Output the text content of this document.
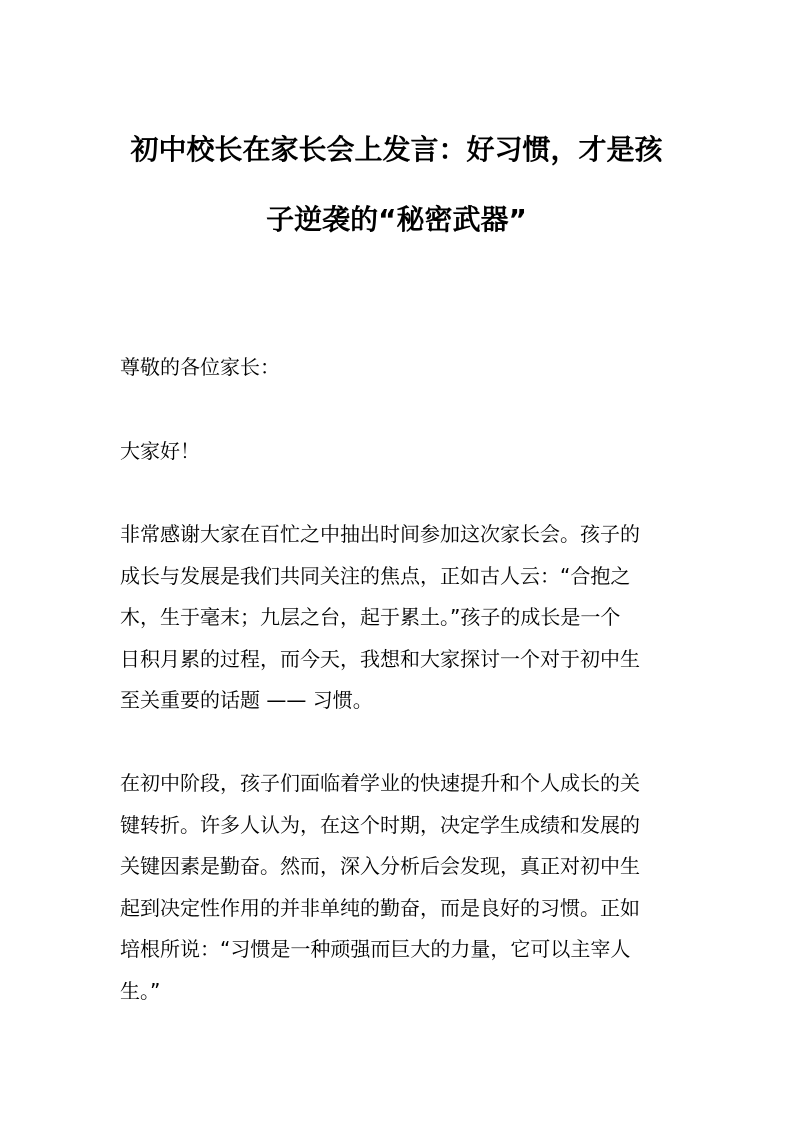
初中校长在家长会上发言：好习惯，才是孩
子逆袭的“秘密武器”

尊敬的各位家长：

大家好！

非常感谢大家在百忙之中抽出时间参加这次家长会。孩子的
成长与发展是我们共同关注的焦点，正如古人云：“合抱之
木，生于毫末；九层之台，起于累土。”孩子的成长是一个
日积月累的过程，而今天，我想和大家探讨一个对于初中生
至关重要的话题 —— 习惯。

在初中阶段，孩子们面临着学业的快速提升和个人成长的关
键转折。许多人认为，在这个时期，决定学生成绩和发展的
关键因素是勤奋。然而，深入分析后会发现，真正对初中生
起到决定性作用的并非单纯的勤奋，而是良好的习惯。正如
培根所说：“习惯是一种顽强而巨大的力量，它可以主宰人
生。”
